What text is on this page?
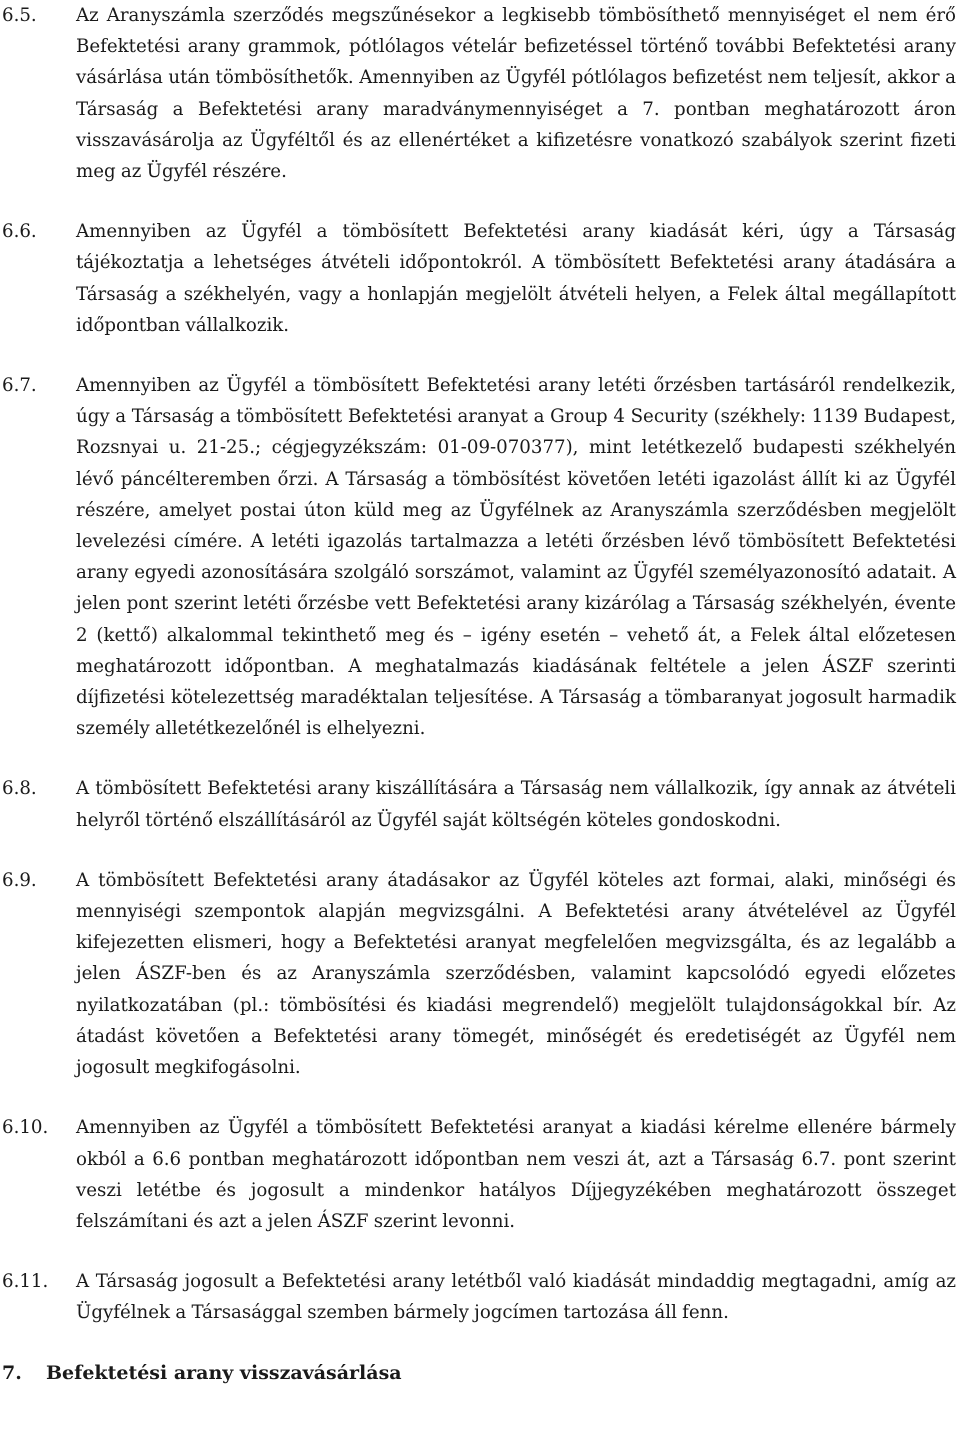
6.5.	Az Aranyszámla szerződés megszűnésekor a legkisebb tömbösíthető mennyiséget el nem érő Befektetési arany grammok, pótlólagos vételár befizetéssel történő további Befektetési arany vásárlása után tömbösíthetők. Amennyiben az Ügyfél pótlólagos befizetést nem teljesít, akkor a Társaság a Befektetési arany maradványmennyiséget a 7. pontban meghatározott áron visszavásárolja az Ügyféltől és az ellenértéket a kifizetésre vonatkozó szabályok szerint fizeti meg az Ügyfél részére.
6.6.	Amennyiben az Ügyfél a tömbösített Befektetési arany kiadását kéri, úgy a Társaság tájékoztatja a lehetséges átvételi időpontokról. A tömbösített Befektetési arany átadására a Társaság a székhelyén, vagy a honlapján megjelölt átvételi helyen, a Felek által megállapított időpontban vállalkozik.
6.7.	Amennyiben az Ügyfél a tömbösített Befektetési arany letéti őrzésben tartásáról rendelkezik, úgy a Társaság a tömbösített Befektetési aranyat a Group 4 Security (székhely: 1139 Budapest, Rozsnyai u. 21-25.; cégjegyzékszám: 01-09-070377), mint letétkezelő budapesti székhelyén lévő páncélteremben őrzi. A Társaság a tömbösítést követően letéti igazolást állít ki az Ügyfél részére, amelyet postai úton küld meg az Ügyfélnek az Aranyszámla szerződésben megjelölt levelezési címére. A letéti igazolás tartalmazza a letéti őrzésben lévő tömbösített Befektetési arany egyedi azonosítására szolgáló sorszámot, valamint az Ügyfél személyazonosító adatait. A jelen pont szerint letéti őrzésbe vett Befektetési arany kizárólag a Társaság székhelyén, évente 2 (kettő) alkalommal tekinthető meg és – igény esetén – vehető át, a Felek által előzetesen meghatározott időpontban. A meghatalmazás kiadásának feltétele a jelen ÁSZF szerinti díjfizetési kötelezettség maradéktalan teljesítése. A Társaság a tömbaranyat jogosult harmadik személy alletétkezelőnél is elhelyezni.
6.8.	A tömbösített Befektetési arany kiszállítására a Társaság nem vállalkozik, így annak az átvételi helyről történő elszállításáról az Ügyfél saját költségén köteles gondoskodni.
6.9.	A tömbösített Befektetési arany átadásakor az Ügyfél köteles azt formai, alaki, minőségi és mennyiségi szempontok alapján megvizsgálni. A Befektetési arany átvételével az Ügyfél kifejezetten elismeri, hogy a Befektetési aranyat megfelelően megvizsgálta, és az legalább a jelen ÁSZF-ben és az Aranyszámla szerződésben, valamint kapcsolódó egyedi előzetes nyilatkozatában (pl.: tömbösítési és kiadási megrendelő) megjelölt tulajdonságokkal bír. Az átadást követően a Befektetési arany tömegét, minőségét és eredetiségét az Ügyfél nem jogosult megkifogásolni.
6.10.	Amennyiben az Ügyfél a tömbösített Befektetési aranyat a kiadási kérelme ellenére bármely okból a 6.6 pontban meghatározott időpontban nem veszi át, azt a Társaság 6.7. pont szerint veszi letétbe és jogosult a mindenkor hatályos Díjjegyzékében meghatározott összeget felszámítani és azt a jelen ÁSZF szerint levonni.
6.11.	A Társaság jogosult a Befektetési arany letétből való kiadását mindaddig megtagadni, amíg az Ügyfélnek a Társasággal szemben bármely jogcímen tartozása áll fenn.
7.	Befektetési arany visszavásárlása
